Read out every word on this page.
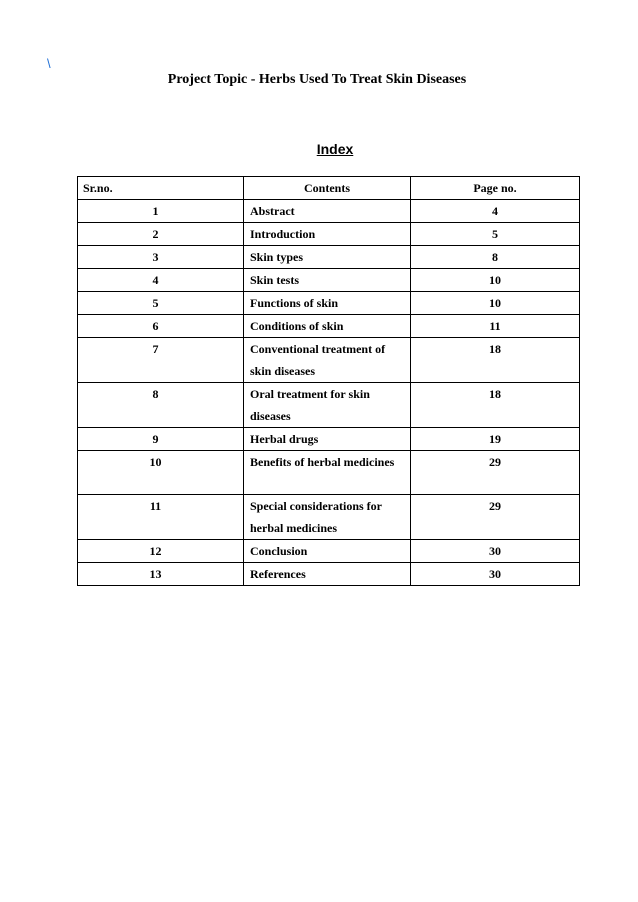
\
Project Topic - Herbs Used To Treat Skin Diseases
Index
Sr.no.	Contents	Page no.
1	Abstract	4
2	Introduction	5
3	Skin types	8
4	Skin tests	10
5	Functions of skin	10
6	Conditions of skin	11
7	Conventional treatment of skin diseases	18
8	Oral treatment for skin diseases	18
9	Herbal drugs	19
10	Benefits of herbal medicines	29
11	Special considerations for herbal medicines	29
12	Conclusion	30
13	References	30
